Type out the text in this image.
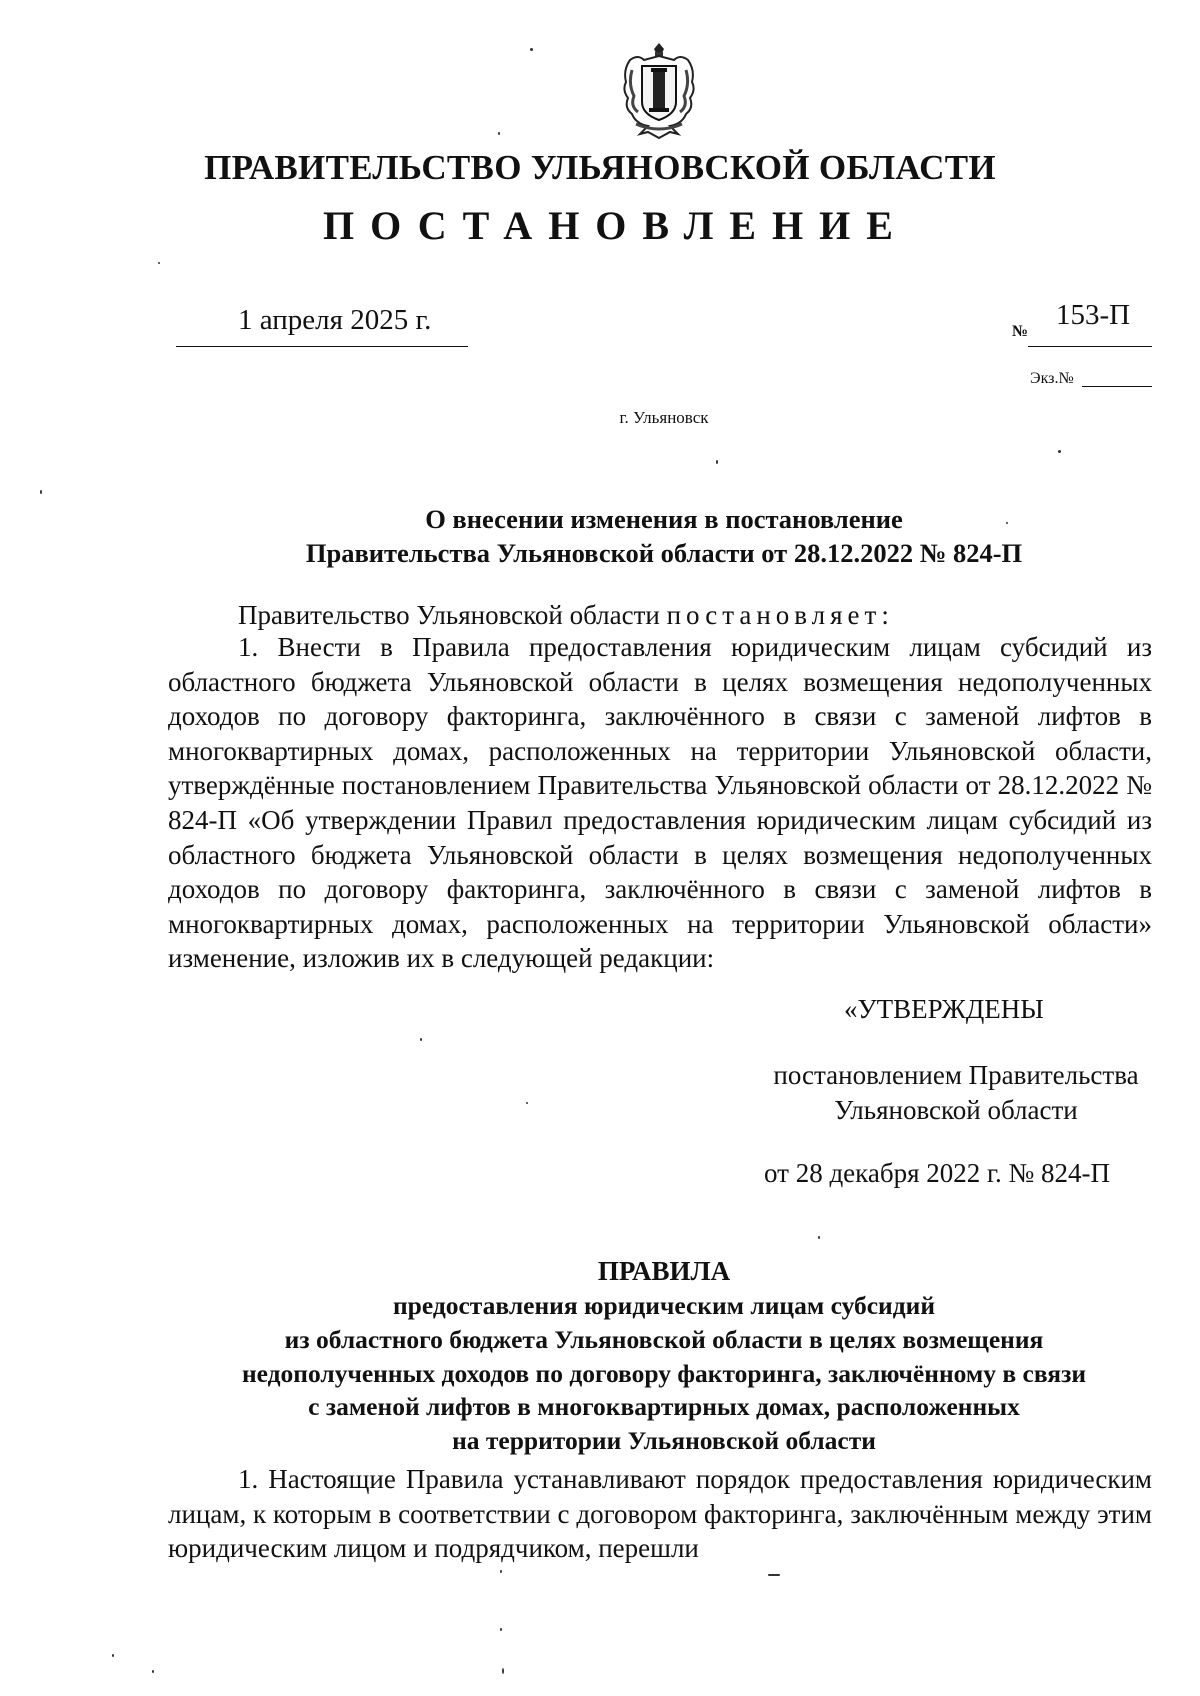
ПРАВИТЕЛЬСТВО УЛЬЯНОВСКОЙ ОБЛАСТИ
ПОСТАНОВЛЕНИЕ
1 апреля 2025 г.	№
153-П
Экз.№
г. Ульяновск
О внесении изменения в постановление
Правительства Ульяновской области от 28.12.2022 № 824-П
Правительство Ульяновской области постановляет:

1. Внести в Правила предоставления юридическим лицам субсидий из областного бюджета Ульяновской области в целях возмещения недополученных доходов по договору факторинга, заключённого в связи с заменой лифтов в многоквартирных домах, расположенных на территории Ульяновской области, утверждённые постановлением Правительства Ульяновской области от 28.12.2022 № 824-П «Об утверждении Правил предоставления юридическим лицам субсидий из областного бюджета Ульяновской области в целях возмещения недополученных доходов по договору факторинга, заключённого в связи с заменой лифтов в многоквартирных домах, расположенных на территории Ульяновской области» изменение, изложив их в следующей редакции:

«УТВЕРЖДЕНЫ
постановлением Правительства
Ульяновской области
от 28 декабря 2022 г. № 824-П
ПРАВИЛА
предоставления юридическим лицам субсидий
из областного бюджета Ульяновской области в целях возмещения
недополученных доходов по договору факторинга, заключённому в связи
с заменой лифтов в многоквартирных домах, расположенных
на территории Ульяновской области

1. Настоящие Правила устанавливают порядок предоставления юридическим лицам, к которым в соответствии с договором факторинга, заключённым между этим юридическим лицом и подрядчиком, перешли
